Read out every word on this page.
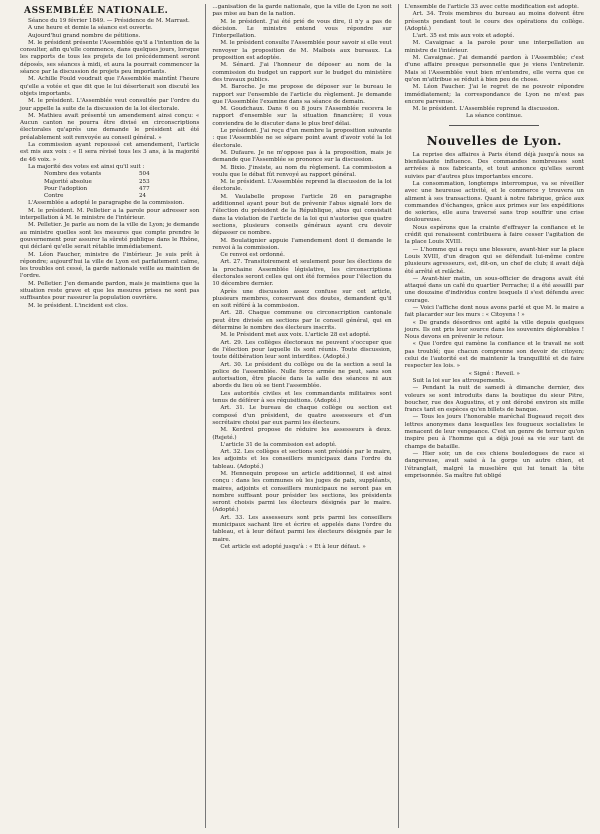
ASSEMBLÉE NATIONALE.

Séance du 19 février 1849. — Présidence de M. Marrast.

A une heure et demie la séance est ouverte.

Aujourd'hui grand nombre de pétitions.

M. le président présente l'Assemblée qu'il a l'intention de la consulter, afin qu'elle commence, dans quelques jours, lorsque les rapports de tous les projets de loi précédemment seront déposés, ses séances à midi, et aura la pourrait commencer la séance par la discussion de projets peu importants.

M. Achille Fould voudrait que l'Assemblée maintînt l'heure qu'elle a votée et que dit que le lui déserterait son discuté les objets importants.

M. le président. L'Assemblée veut consultée par l'ordre du jour appelle la suite de la discussion de la loi électorale.

M. Mathieu avait présenté un amendement ainsi conçu: « Aucun canton ne pourra être divisé en circonscriptions électorales qu'après une demande le président ait été préalablement soit renvoyée au conseil général. »

La commission ayant repoussé cet amendement, l'article est mis aux voix : « Il sera révisé tous les 3 ans, à la majorité de 46 voix. »

La majorité des votes est ainsi qu'il suit :

Nombre des votants	504
Majorité absolue	253
Pour l'adoption	477
Contre	24

L'Assemblée a adopté le paragraphe de la commission.

M. le président. M. Pelletier a la parole pour adresser son interpellation à M. le ministre de l'intérieur.

M. Pelletier. Je parle au nom de la ville de Lyon; je demande au ministre quelles sont les mesures que compte prendre le gouvernement pour assurer la sûreté publique dans le Rhône, qui déclaré qu'elle serait rétablie immédiatement.

M. Léon Faucher, ministre de l'intérieur. Je suis prêt à répondre; aujourd'hui la ville de Lyon est parfaitement calme, les troubles ont cessé, la garde nationale veille au maintien de l'ordre.

M. Pelletier. J'en demande pardon, mais je maintiens que la situation reste grave et que les mesures prises ne sont pas suffisantes pour rassurer la population ouvrière.

M. le président. L'incident est clos.

...ganisation de la garde nationale, que la ville de Lyon ne soit pas mise au ban de la nation.

M. le président. J'ai été prié de vous dire, il n'y a pas de décision. Le ministre entend vous répondre sur l'interpellation.

M. le président consulte l'Assemblée pour savoir si elle veut renvoyer la proposition de M. Malbois aux bureaux. La proposition est adoptée.

M. Sénard. J'ai l'honneur de déposer au nom de la commission du budget un rapport sur le budget du ministère des travaux publics.

M. Baroche. Je me propose de déposer sur le bureau le rapport sur l'ensemble de l'article du règlement. Je demande que l'Assemblée l'examine dans sa séance de demain.

M. Goudchaux. Dans 6 ou 8 jours l'Assemblée recevra le rapport d'ensemble sur la situation financière; il vous conviendra de le discuter dans le plus bref délai.

Le président. J'ai reçu d'un membre la proposition suivante : que l'Assemblée ne se sépare point avant d'avoir voté la loi électorale.

M. Dufaure. Je ne m'oppose pas à la proposition, mais je demande que l'Assemblée se prononce sur la discussion.

M. Bixio. J'insiste, au nom du règlement. La commission a voulu que le débat fût renvoyé au rapport général.

M. le président. L'Assemblée reprend la discussion de la loi électorale.

M. Vaulabelle propose l'article 26 en paragraphe additionnel ayant pour but de prévenir l'abus signalé lors de l'élection du président de la République, abus qui consistait dans la violation de l'article de la loi qui n'autorise que quatre sections, plusieurs conseils généraux ayant cru devoir dépasser ce nombre.

M. Boulatignier appuie l'amendement dont il demande le renvoi à la commission.

Ce renvoi est ordonné.

Art. 27. Transitoirement et seulement pour les élections de la prochaine Assemblée législative, les circonscriptions électorales seront celles qui ont été formées pour l'élection du 10 décembre dernier.

Après une discussion assez confuse sur cet article, plusieurs membres, conservant des doutes, demandent qu'il en soit référé à la commission.

Art. 28. Chaque commune ou circonscription cantonale peut être divisée en sections par le conseil général, qui en détermine le nombre des électeurs inscrits.

M. le Président met aux voix. L'article 28 est adopté.

Art. 29. Les collèges électoraux ne peuvent s'occuper que de l'élection pour laquelle ils sont réunis. Toute discussion, toute délibération leur sont interdites. (Adopté.)

Art. 30. Le président du collège ou de la section a seul la police de l'assemblée. Nulle force armée ne peut, sans son autorisation, être placée dans la salle des séances ni aux abords du lieu où se tient l'assemblée.

Les autorités civiles et les commandants militaires sont tenus de déférer à ses réquisitions. (Adopté.)

Art. 31. Le bureau de chaque collège ou section est composé d'un président, de quatre assesseurs et d'un secrétaire choisi par eux parmi les électeurs.

M. Kerdrel propose de réduire les assesseurs à deux. (Rejeté.)

L'article 31 de la commission est adopté.

Art. 32. Les collèges et sections sont présidés par le maire, les adjoints et les conseillers municipaux dans l'ordre du tableau. (Adopté.)

M. Hennequin propose un article additionnel, il est ainsi conçu : dans les communes où les juges de paix, suppléants, maires, adjoints et conseillers municipaux ne seront pas en nombre suffisant pour présider les sections, les présidents seront choisis parmi les électeurs désignés par le maire. (Adopté.)

Art. 33. Les assesseurs sont pris parmi les conseillers municipaux sachant lire et écrire et appelés dans l'ordre du tableau, et à leur défaut parmi les électeurs désignés par le maire.

Cet article est adopté jusqu'à : « Et à leur défaut. »

L'ensemble de l'article 33 avec cette modification est adopté.

Art. 34. Trois membres du bureau au moins doivent être présents pendant tout le cours des opérations du collège. (Adopté.)

L'art. 35 est mis aux voix et adopté.

M. Cavaignac a la parole pour une interpellation au ministre de l'intérieur.

M. Cavaignac. J'ai demandé pardon à l'Assemblée; c'est d'une affaire presque personnelle que je viens l'entretenir. Mais si l'Assemblée veut bien m'entendre, elle verra que ce qu'on m'attribue se réduit à bien peu de chose.

M. Léon Faucher. J'ai le regret de ne pouvoir répondre immédiatement; la correspondance de Lyon ne m'est pas encore parvenue.

M. le président. L'Assemblée reprend la discussion.

La séance continue.

Nouvelles de Lyon.

La reprise des affaires à Paris étend déjà jusqu'à nous sa bienfaisante influence. Des commandes nombreuses sont arrivées à nos fabricants, et tout annonce qu'elles seront suivies par d'autres plus importantes encore.

La consommation, longtemps interrompue, va se réveiller avec une heureuse activité, et le commerce y trouvera un aliment à ses transactions. Quant à notre fabrique, grâce aux commandes d'échanges, grâce aux primes sur les expéditions de soieries, elle aura traversé sans trop souffrir une crise douloureuse.

Nous espérons que la crainte d'effrayer la confiance et le crédit qui renaissent contribuera à faire cesser l'agitation de la place Louis XVIII.

— L'homme qui a reçu une blessure, avant-hier sur la place Louis XVIII, d'un dragon qui se défendait lui-même contre plusieurs agresseurs, est, dit-on, un chef de club; il avait déjà été arrêté et relâché.

— Avant-hier matin, un sous-officier de dragons avait été attaqué dans un café du quartier Perrache; il a été assailli par une douzaine d'individus contre lesquels il s'est défendu avec courage.

— Voici l'affiche dont nous avons parlé et que M. le maire a fait placarder sur les murs : « Citoyens ! »

« De grands désordres ont agité la ville depuis quelques jours. Ils ont pris leur source dans les souvenirs déplorables ! Nous devons en prévenir le retour.

« Que l'ordre qui ramène la confiance et le travail ne soit pas troublé; que chacun comprenne son devoir de citoyen; celui de l'autorité est de maintenir la tranquillité et de faire respecter les lois. »

« Signé : Reveil. »

Suit la loi sur les attroupements.

— Pendant la nuit de samedi à dimanche dernier, des voleurs se sont introduits dans la boutique du sieur Pitre, boucher, rue des Augustins, et y ont dérobé environ six mille francs tant en espèces qu'en billets de banque.

— Tous les jours l'honorable maréchal Bugeaud reçoit des lettres anonymes dans lesquelles les fougueux socialistes le menacent de leur vengeance. C'est un genre de terreur qu'on inspire peu à l'homme qui a déjà joué sa vie sur tant de champs de bataille.

— Hier soir, un de ces chiens bouledogues de race si dangereuse, avait saisi à la gorge un autre chien, et l'étranglait, malgré la muselière qui lui tenait la tête emprisonnée. Sa maître fut obligé
